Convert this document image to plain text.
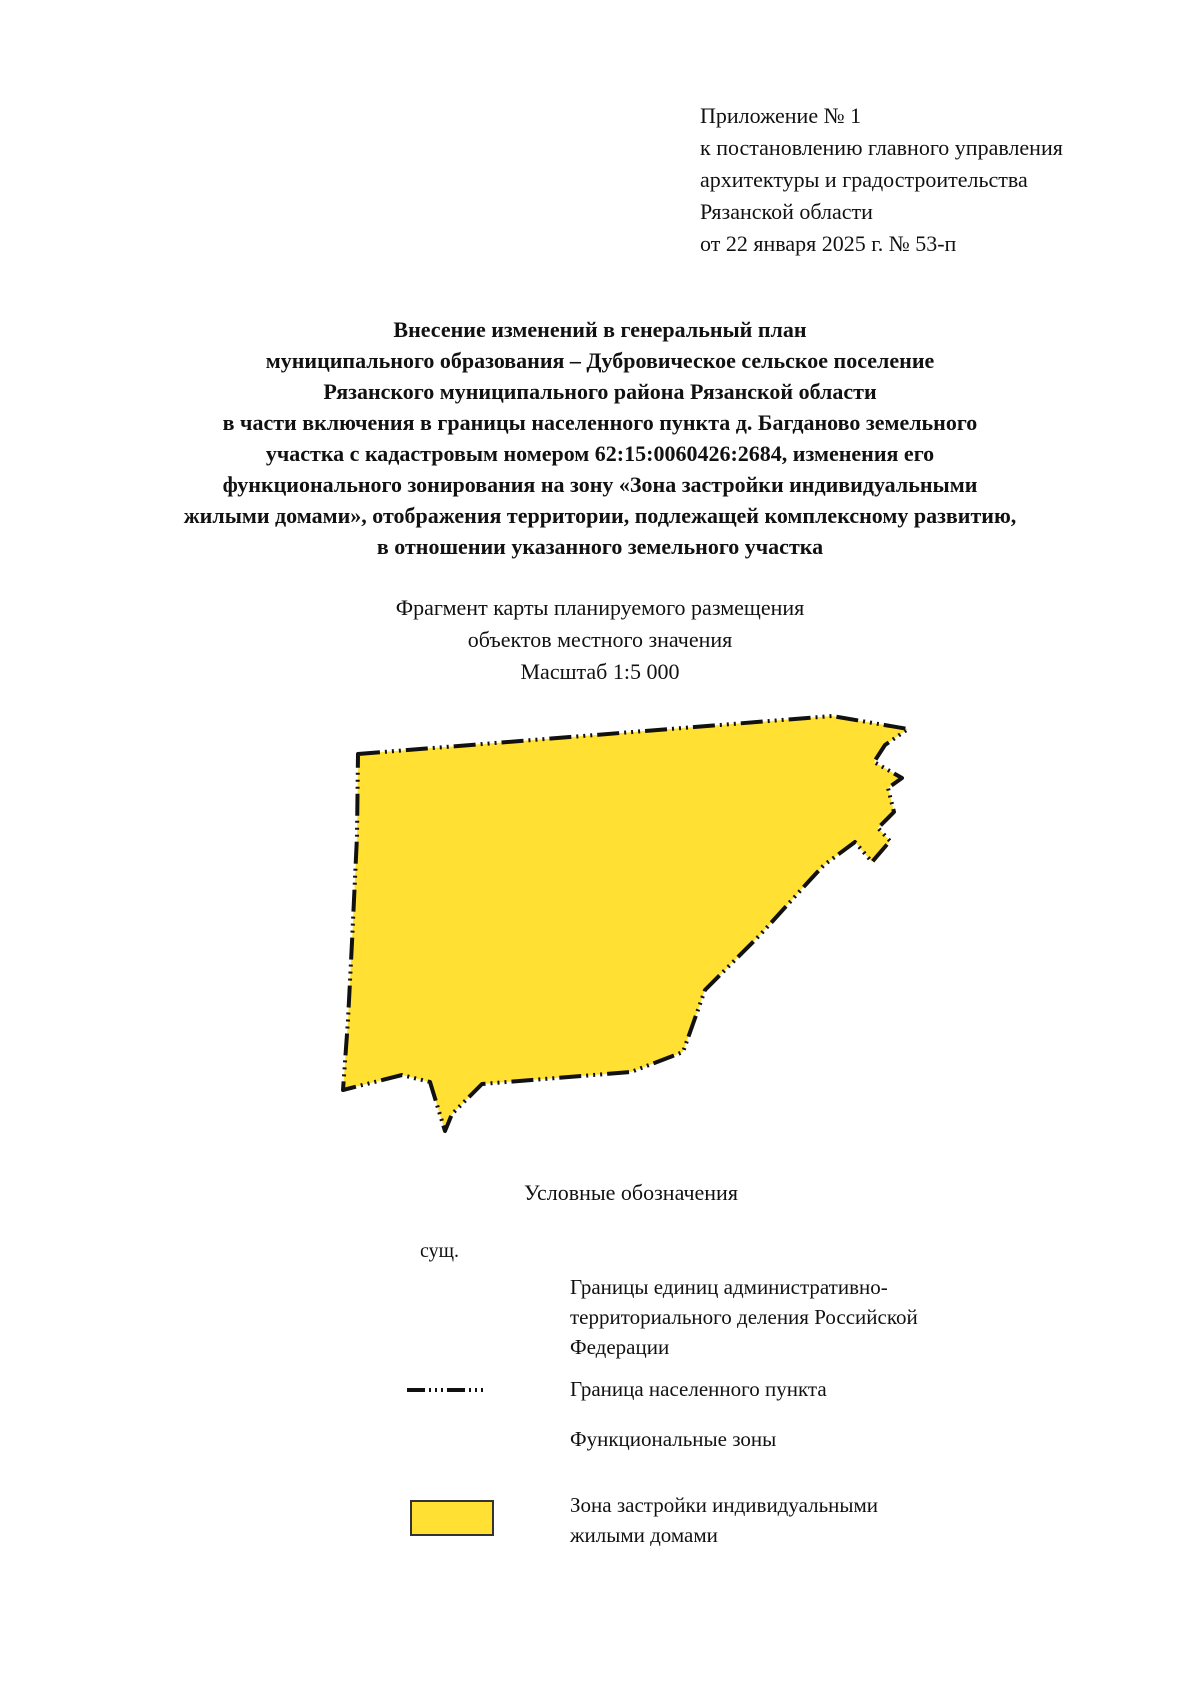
Приложение № 1
к постановлению главного управления
архитектуры и градостроительства
Рязанской области
от 22 января 2025 г. № 53-п
Внесение изменений в генеральный план
муниципального образования – Дубровическое сельское поселение
Рязанского муниципального района Рязанской области
в части включения в границы населенного пункта д. Багданово земельного
участка с кадастровым номером 62:15:0060426:2684, изменения его
функционального зонирования на зону «Зона застройки индивидуальными
жилыми домами», отображения территории, подлежащей комплексному развитию,
в отношении указанного земельного участка
Фрагмент карты планируемого размещения
объектов местного значения
Масштаб 1:5 000
Условные обозначения
сущ.
Границы единиц административно-
территориального деления Российской
Федерации
Граница населенного пункта
Функциональные зоны
Зона застройки индивидуальными
жилыми домами
